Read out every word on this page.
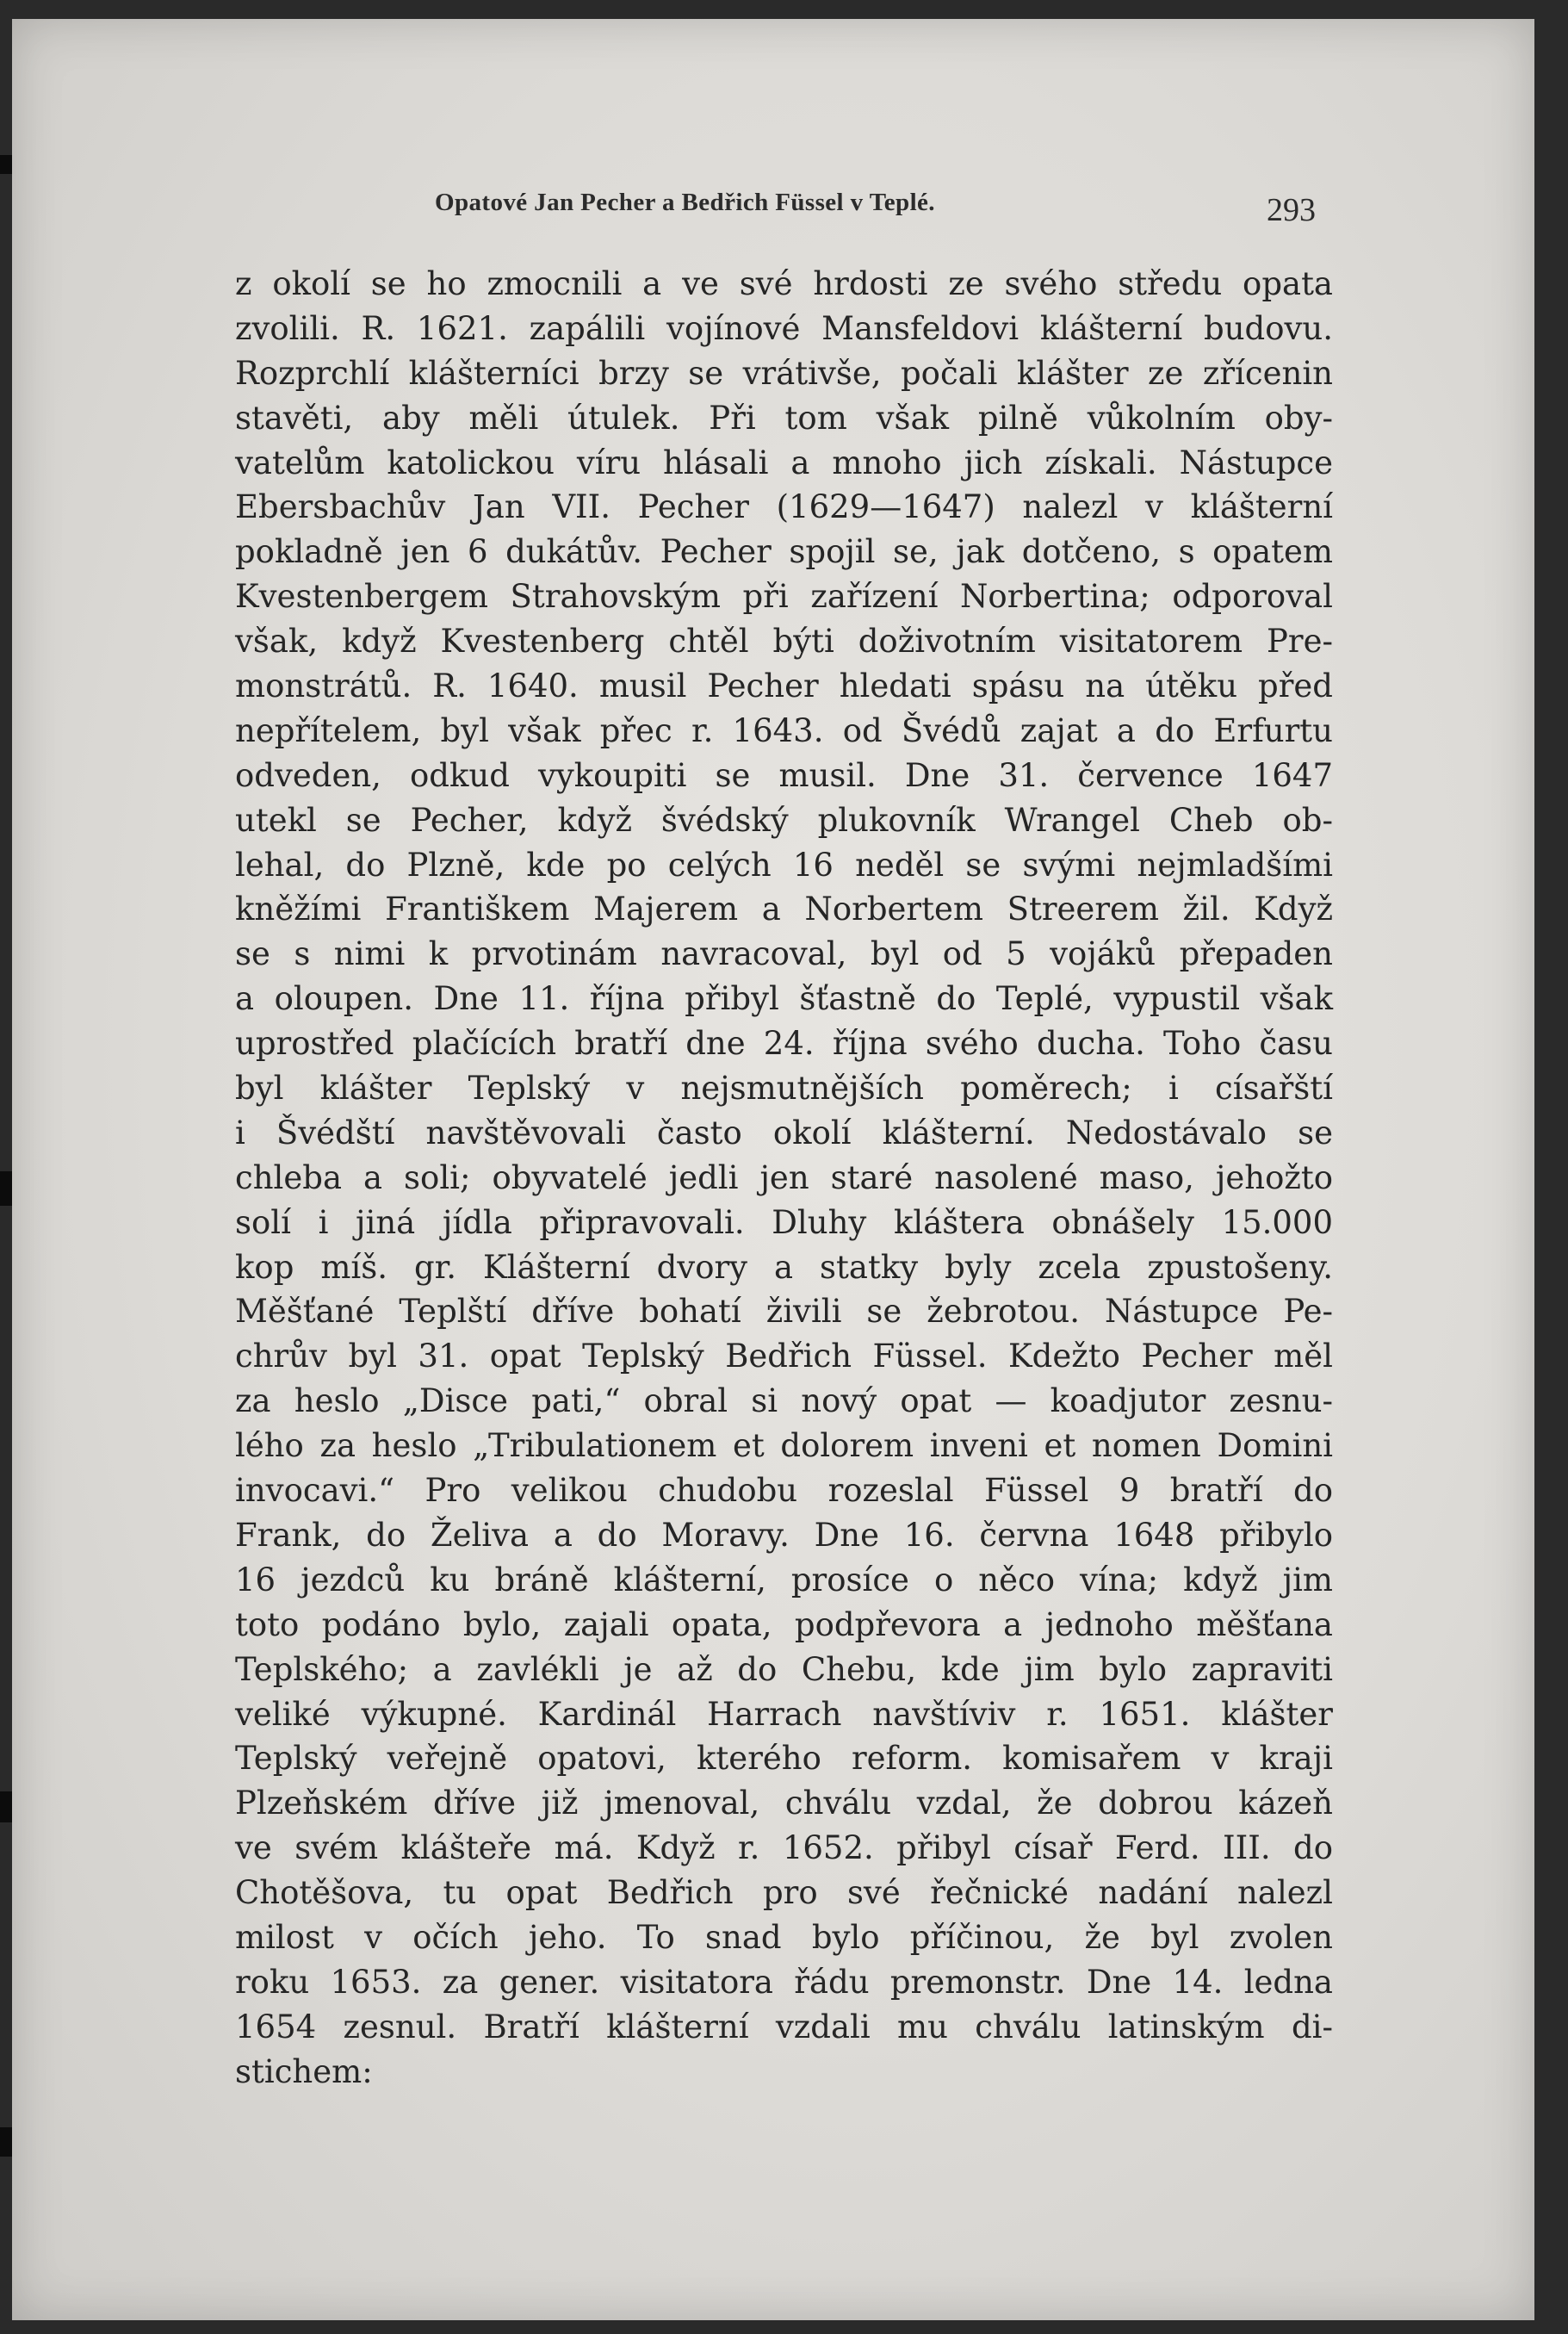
Opatové Jan Pecher a Bedřich Füssel v Teplé.	293
z okolí se ho zmocnili a ve své hrdosti ze svého středu opata
zvolili. R. 1621. zapálili vojínové Mansfeldovi klášterní budovu.
Rozprchlí klášterníci brzy se vrátivše, počali klášter ze zřícenin
stavěti, aby měli útulek. Při tom však pilně vůkolním oby-
vatelům katolickou víru hlásali a mnoho jich získali. Nástupce
Ebersbachův Jan VII. Pecher (1629—1647) nalezl v klášterní
pokladně jen 6 dukátův. Pecher spojil se, jak dotčeno, s opatem
Kvestenbergem Strahovským při zařízení Norbertina; odporoval
však, když Kvestenberg chtěl býti doživotním visitatorem Pre-
monstrátů. R. 1640. musil Pecher hledati spásu na útěku před
nepřítelem, byl však přec r. 1643. od Švédů zajat a do Erfurtu
odveden, odkud vykoupiti se musil. Dne 31. července 1647
utekl se Pecher, když švédský plukovník Wrangel Cheb ob-
lehal, do Plzně, kde po celých 16 neděl se svými nejmladšími
kněžími Františkem Majerem a Norbertem Streerem žil. Když
se s nimi k prvotinám navracoval, byl od 5 vojáků přepaden
a oloupen. Dne 11. října přibyl šťastně do Teplé, vypustil však
uprostřed plačících bratří dne 24. října svého ducha. Toho času
byl klášter Teplský v nejsmutnějších poměrech; i císařští
i Švédští navštěvovali často okolí klášterní. Nedostávalo se
chleba a soli; obyvatelé jedli jen staré nasolené maso, jehožto
solí i jiná jídla připravovali. Dluhy kláštera obnášely 15.000
kop míš. gr. Klášterní dvory a statky byly zcela zpustošeny.
Měšťané Teplští dříve bohatí živili se žebrotou. Nástupce Pe-
chrův byl 31. opat Teplský Bedřich Füssel. Kdežto Pecher měl
za heslo „Disce pati,“ obral si nový opat — koadjutor zesnu-
lého za heslo „Tribulationem et dolorem inveni et nomen Domini
invocavi.“ Pro velikou chudobu rozeslal Füssel 9 bratří do
Frank, do Želiva a do Moravy. Dne 16. června 1648 přibylo
16 jezdců ku bráně klášterní, prosíce o něco vína; když jim
toto podáno bylo, zajali opata, podpřevora a jednoho měšťana
Teplského; a zavlékli je až do Chebu, kde jim bylo zapraviti
veliké výkupné. Kardinál Harrach navštíviv r. 1651. klášter
Teplský veřejně opatovi, kterého reform. komisařem v kraji
Plzeňském dříve již jmenoval, chválu vzdal, že dobrou kázeň
ve svém klášteře má. Když r. 1652. přibyl císař Ferd. III. do
Chotěšova, tu opat Bedřich pro své řečnické nadání nalezl
milost v očích jeho. To snad bylo příčinou, že byl zvolen
roku 1653. za gener. visitatora řádu premonstr. Dne 14. ledna
1654 zesnul. Bratří klášterní vzdali mu chválu latinským di-
stichem:
